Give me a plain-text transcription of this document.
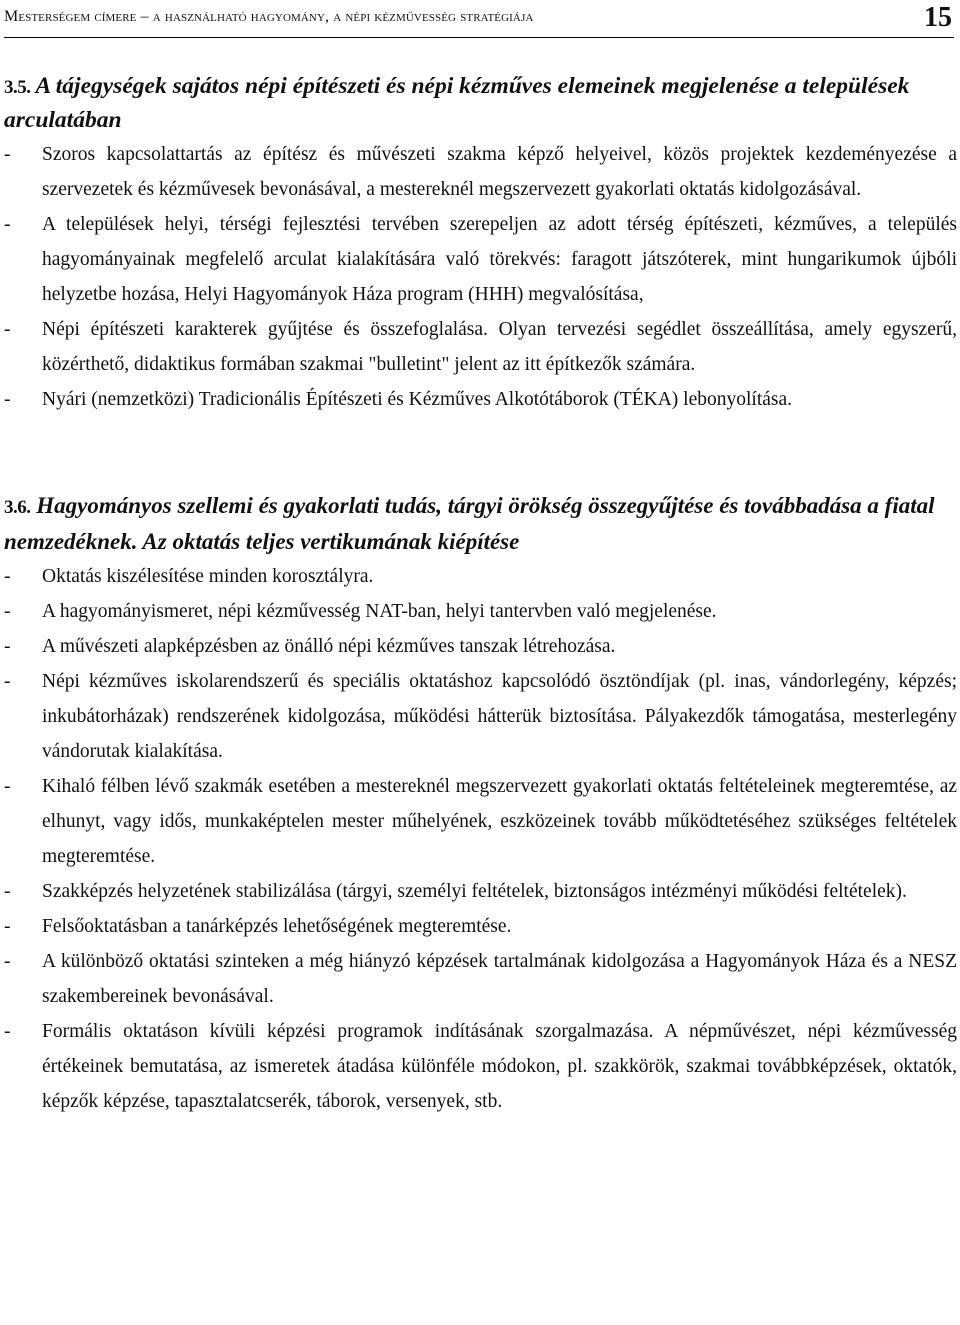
Mesterségem címere – a használható hagyomány, a népi kézművesség stratégiája	15
3.5. A tájegységek sajátos népi építészeti és népi kézműves elemeinek megjelenése a települések arculatában
- Szoros kapcsolattartás az építész és művészeti szakma képző helyeivel, közös projektek kezdeményezése a szervezetek és kézművesek bevonásával, a mestereknél megszervezett gyakorlati oktatás kidolgozásával.
- A települések helyi, térségi fejlesztési tervében szerepeljen az adott térség építészeti, kézműves, a település hagyományainak megfelelő arculat kialakítására való törekvés: faragott játszóterek, mint hungarikumok újbóli helyzetbe hozása, Helyi Hagyományok Háza program (HHH) megvalósítása,
- Népi építészeti karakterek gyűjtése és összefoglalása. Olyan tervezési segédlet összeállítása, amely egyszerű, közérthető, didaktikus formában szakmai "bulletint" jelent az itt építkezők számára.
- Nyári (nemzetközi) Tradicionális Építészeti és Kézműves Alkotótáborok (TÉKA) lebonyolítása.
3.6. Hagyományos szellemi és gyakorlati tudás, tárgyi örökség összegyűjtése és továbbadása a fiatal nemzedéknek. Az oktatás teljes vertikumának kiépítése
- Oktatás kiszélesítése minden korosztályra.
- A hagyományismeret, népi kézművesség NAT-ban, helyi tantervben való megjelenése.
- A művészeti alapképzésben az önálló népi kézműves tanszak létrehozása.
- Népi kézműves iskolarendszerű és speciális oktatáshoz kapcsolódó ösztöndíjak (pl. inas, vándorlegény, képzés; inkubátorházak) rendszerének kidolgozása, működési hátterük biztosítása. Pályakezdők támogatása, mesterlegény vándorutak kialakítása.
- Kihaló félben lévő szakmák esetében a mestereknél megszervezett gyakorlati oktatás feltételeinek megteremtése, az elhunyt, vagy idős, munkaképtelen mester műhelyének, eszközeinek tovább működtetéséhez szükséges feltételek megteremtése.
- Szakképzés helyzetének stabilizálása (tárgyi, személyi feltételek, biztonságos intézményi működési feltételek).
- Felsőoktatásban a tanárképzés lehetőségének megteremtése.
- A különböző oktatási szinteken a még hiányzó képzések tartalmának kidolgozása a Hagyományok Háza és a NESZ szakembereinek bevonásával.
- Formális oktatáson kívüli képzési programok indításának szorgalmazása. A népművészet, népi kézművesség értékeinek bemutatása, az ismeretek átadása különféle módokon, pl. szakkörök, szakmai továbbképzések, oktatók, képzők képzése, tapasztalatcserék, táborok, versenyek, stb.
